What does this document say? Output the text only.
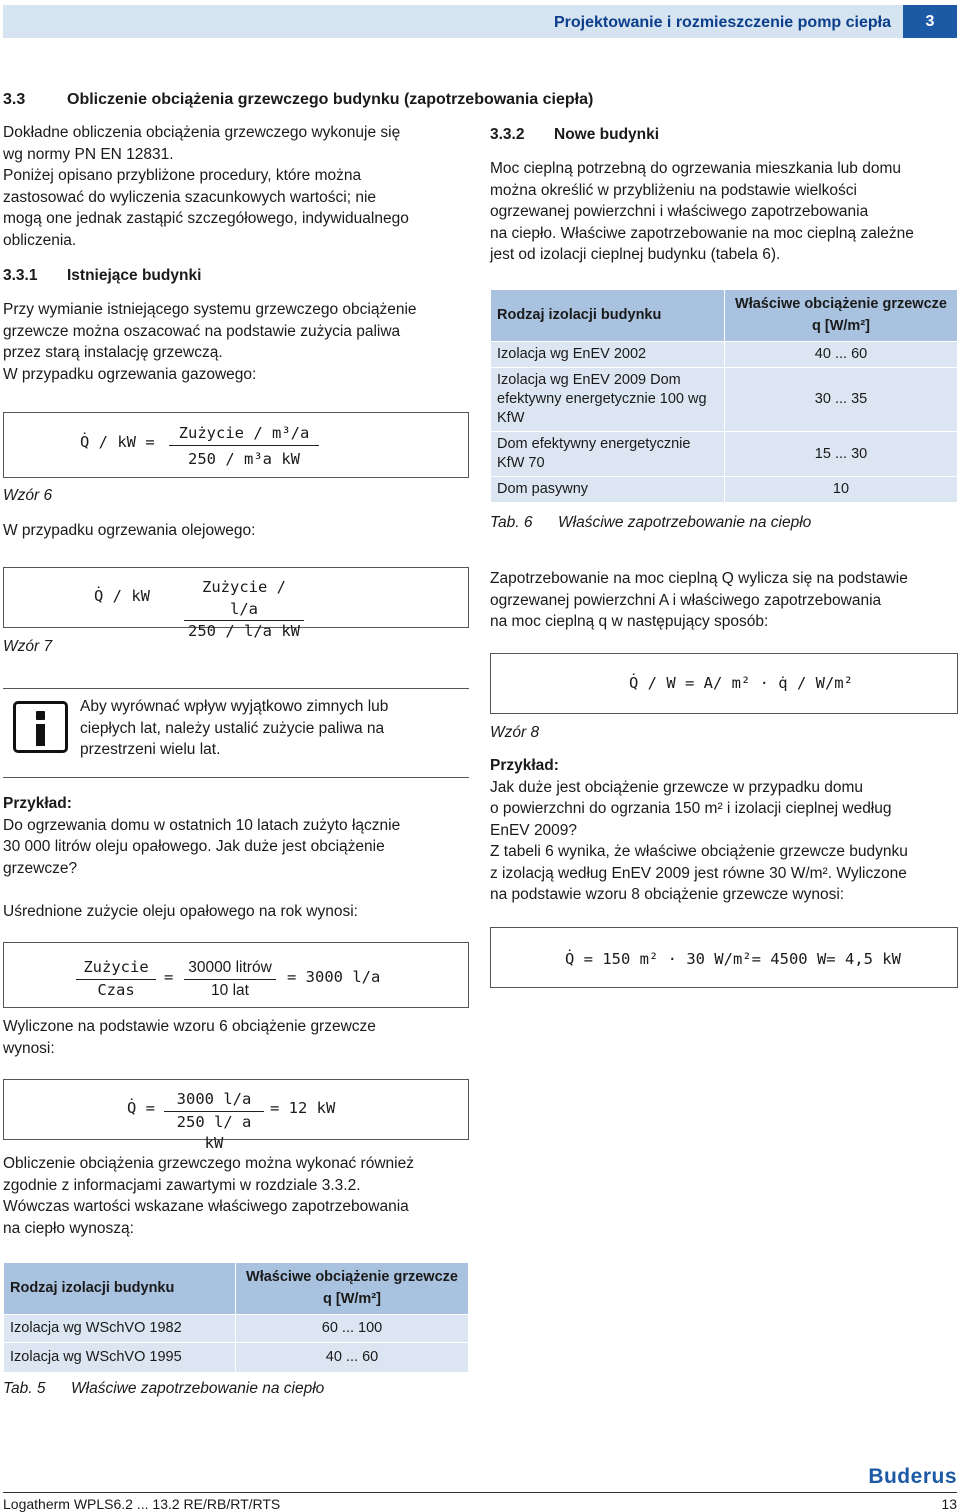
Projektowanie i rozmieszczenie pomp ciepła	3
3.3	Obliczenie obciążenia grzewczego budynku (zapotrzebowania ciepła)

Dokładne obliczenia obciążenia grzewczego wykonuje się

wg normy PN EN 12831.

Poniżej opisano przybliżone procedury, które można

zastosować do wyliczenia szacunkowych wartości; nie

mogą one jednak zastąpić szczegółowego, indywidualnego

obliczenia.

3.3.1 Istniejące budynki

Przy wymianie istniejącego systemu grzewczego obciążenie

grzewcze można oszacować na podstawie zużycia paliwa

przez starą instalację grzewczą.

W przypadku ogrzewania gazowego:

Q̇ / kW =	Zużycie / m³/a
250 / m³a kW
Wzór 6
W przypadku ogrzewania olejowego:
Q̇ / kW	Zużycie / l/a
250 / l/a kW
Wzór 7

Aby wyrównać wpływ wyjątkowo zimnych lub

ciepłych lat, należy ustalić zużycie paliwa na

przestrzeni wielu lat.

Przykład:

Do ogrzewania domu w ostatnich 10 latach zużyto łącznie

30 000 litrów oleju opałowego. Jak duże jest obciążenie

grzewcze?

Uśrednione zużycie oleju opałowego na rok wynosi:
Zużycie
Czas
=
30000 litrów
10 lat
= 3000 l/a

Wyliczone na podstawie wzoru 6 obciążenie grzewcze

wynosi:

Q̇ =	3000 l/a
250 l/ a kW
= 12 kW

Obliczenie obciążenia grzewczego można wykonać również

zgodnie z informacjami zawartymi w rozdziale 3.3.2.

Wówczas wartości wskazane właściwego zapotrzebowania

na ciepło wynoszą:

Rodzaj izolacji budynku	Właściwe obciążenie grzewcze q [W/m²]
Izolacja wg WSchVO 1982	60 ... 100
Izolacja wg WSchVO 1995	40 ... 60
Tab. 5 Właściwe zapotrzebowanie na ciepło
3.3.2 Nowe budynki

Moc cieplną potrzebną do ogrzewania mieszkania lub domu

można określić w przybliżeniu na podstawie wielkości

ogrzewanej powierzchni i właściwego zapotrzebowania

na ciepło. Właściwe zapotrzebowanie na moc cieplną zależne

jest od izolacji cieplnej budynku (tabela 6).

Rodzaj izolacji budynku	Właściwe obciążenie grzewcze q [W/m²]
Izolacja wg EnEV 2002	40 ... 60
Izolacja wg EnEV 2009 Dom efektywny energetycznie 100 wg KfW	30 ... 35
Dom efektywny energetycznie KfW 70	15 ... 30
Dom pasywny	10
Tab. 6 Właściwe zapotrzebowanie na ciepło

Zapotrzebowanie na moc cieplną Q wylicza się na podstawie

ogrzewanej powierzchni A i właściwego zapotrzebowania

na moc cieplną q w następujący sposób:

Q̇ / W = A/ m² · q̇ / W/m²
Wzór 8

Przykład:

Jak duże jest obciążenie grzewcze w przypadku domu

o powierzchni do ogrzania 150 m² i izolacji cieplnej według

EnEV 2009?

Z tabeli 6 wynika, że właściwe obciążenie grzewcze budynku

z izolacją według EnEV 2009 jest równe 30 W/m². Wyliczone

na podstawie wzoru 8 obciążenie grzewcze wynosi:

Q̇ = 150 m² · 30 W/m²= 4500 W= 4,5 kW
Buderus
Logatherm WPLS6.2 ... 13.2 RE/RB/RT/RTS	13
